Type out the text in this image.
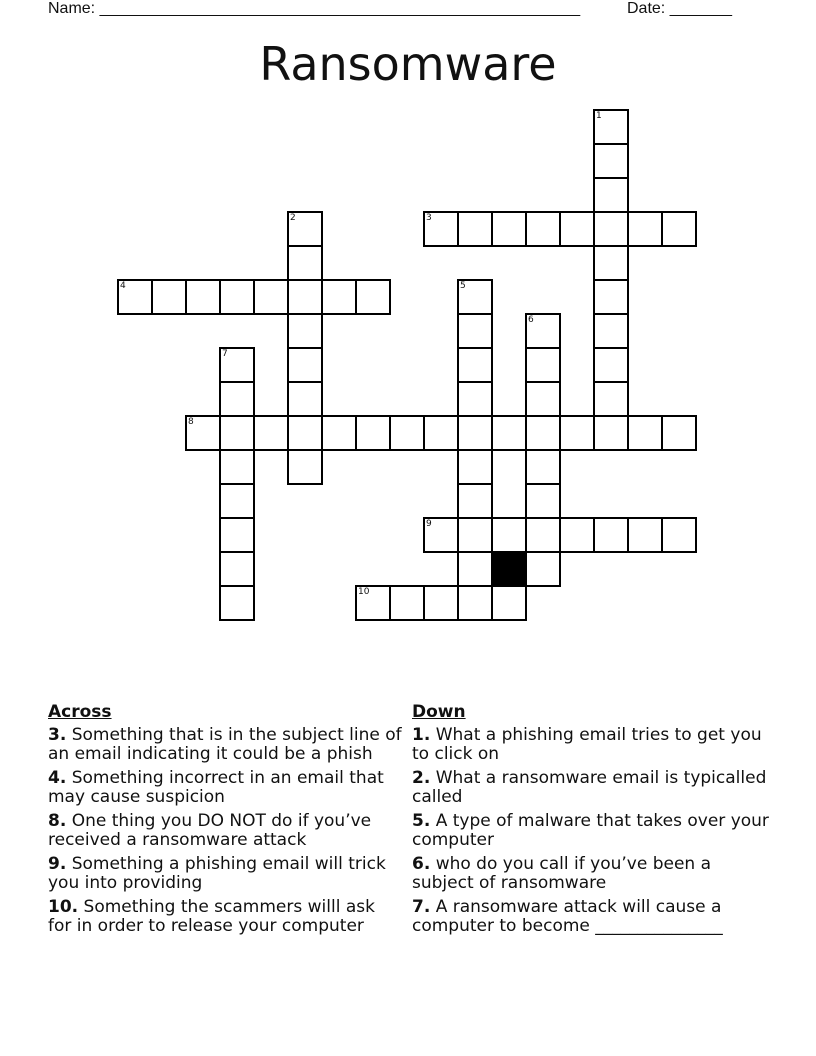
Name: ______________________________________________________	Date: _______
Ransomware
1
2	3
4	5
6
7
8
9
10
Across
3. Something that is in the subject line of an email indicating it could be a phish
4. Something incorrect in an email that may cause suspicion
8. One thing you DO NOT do if you’ve received a ransomware attack
9. Something a phishing email will trick you into providing
10. Something the scammers willl ask for in order to release your computer
Down
1. What a phishing email tries to get you to click on
2. What a ransomware email is typicalled called
5. A type of malware that takes over your computer
6. who do you call if you’ve been a subject of ransomware
7. A ransomware attack will cause a computer to become _______________
